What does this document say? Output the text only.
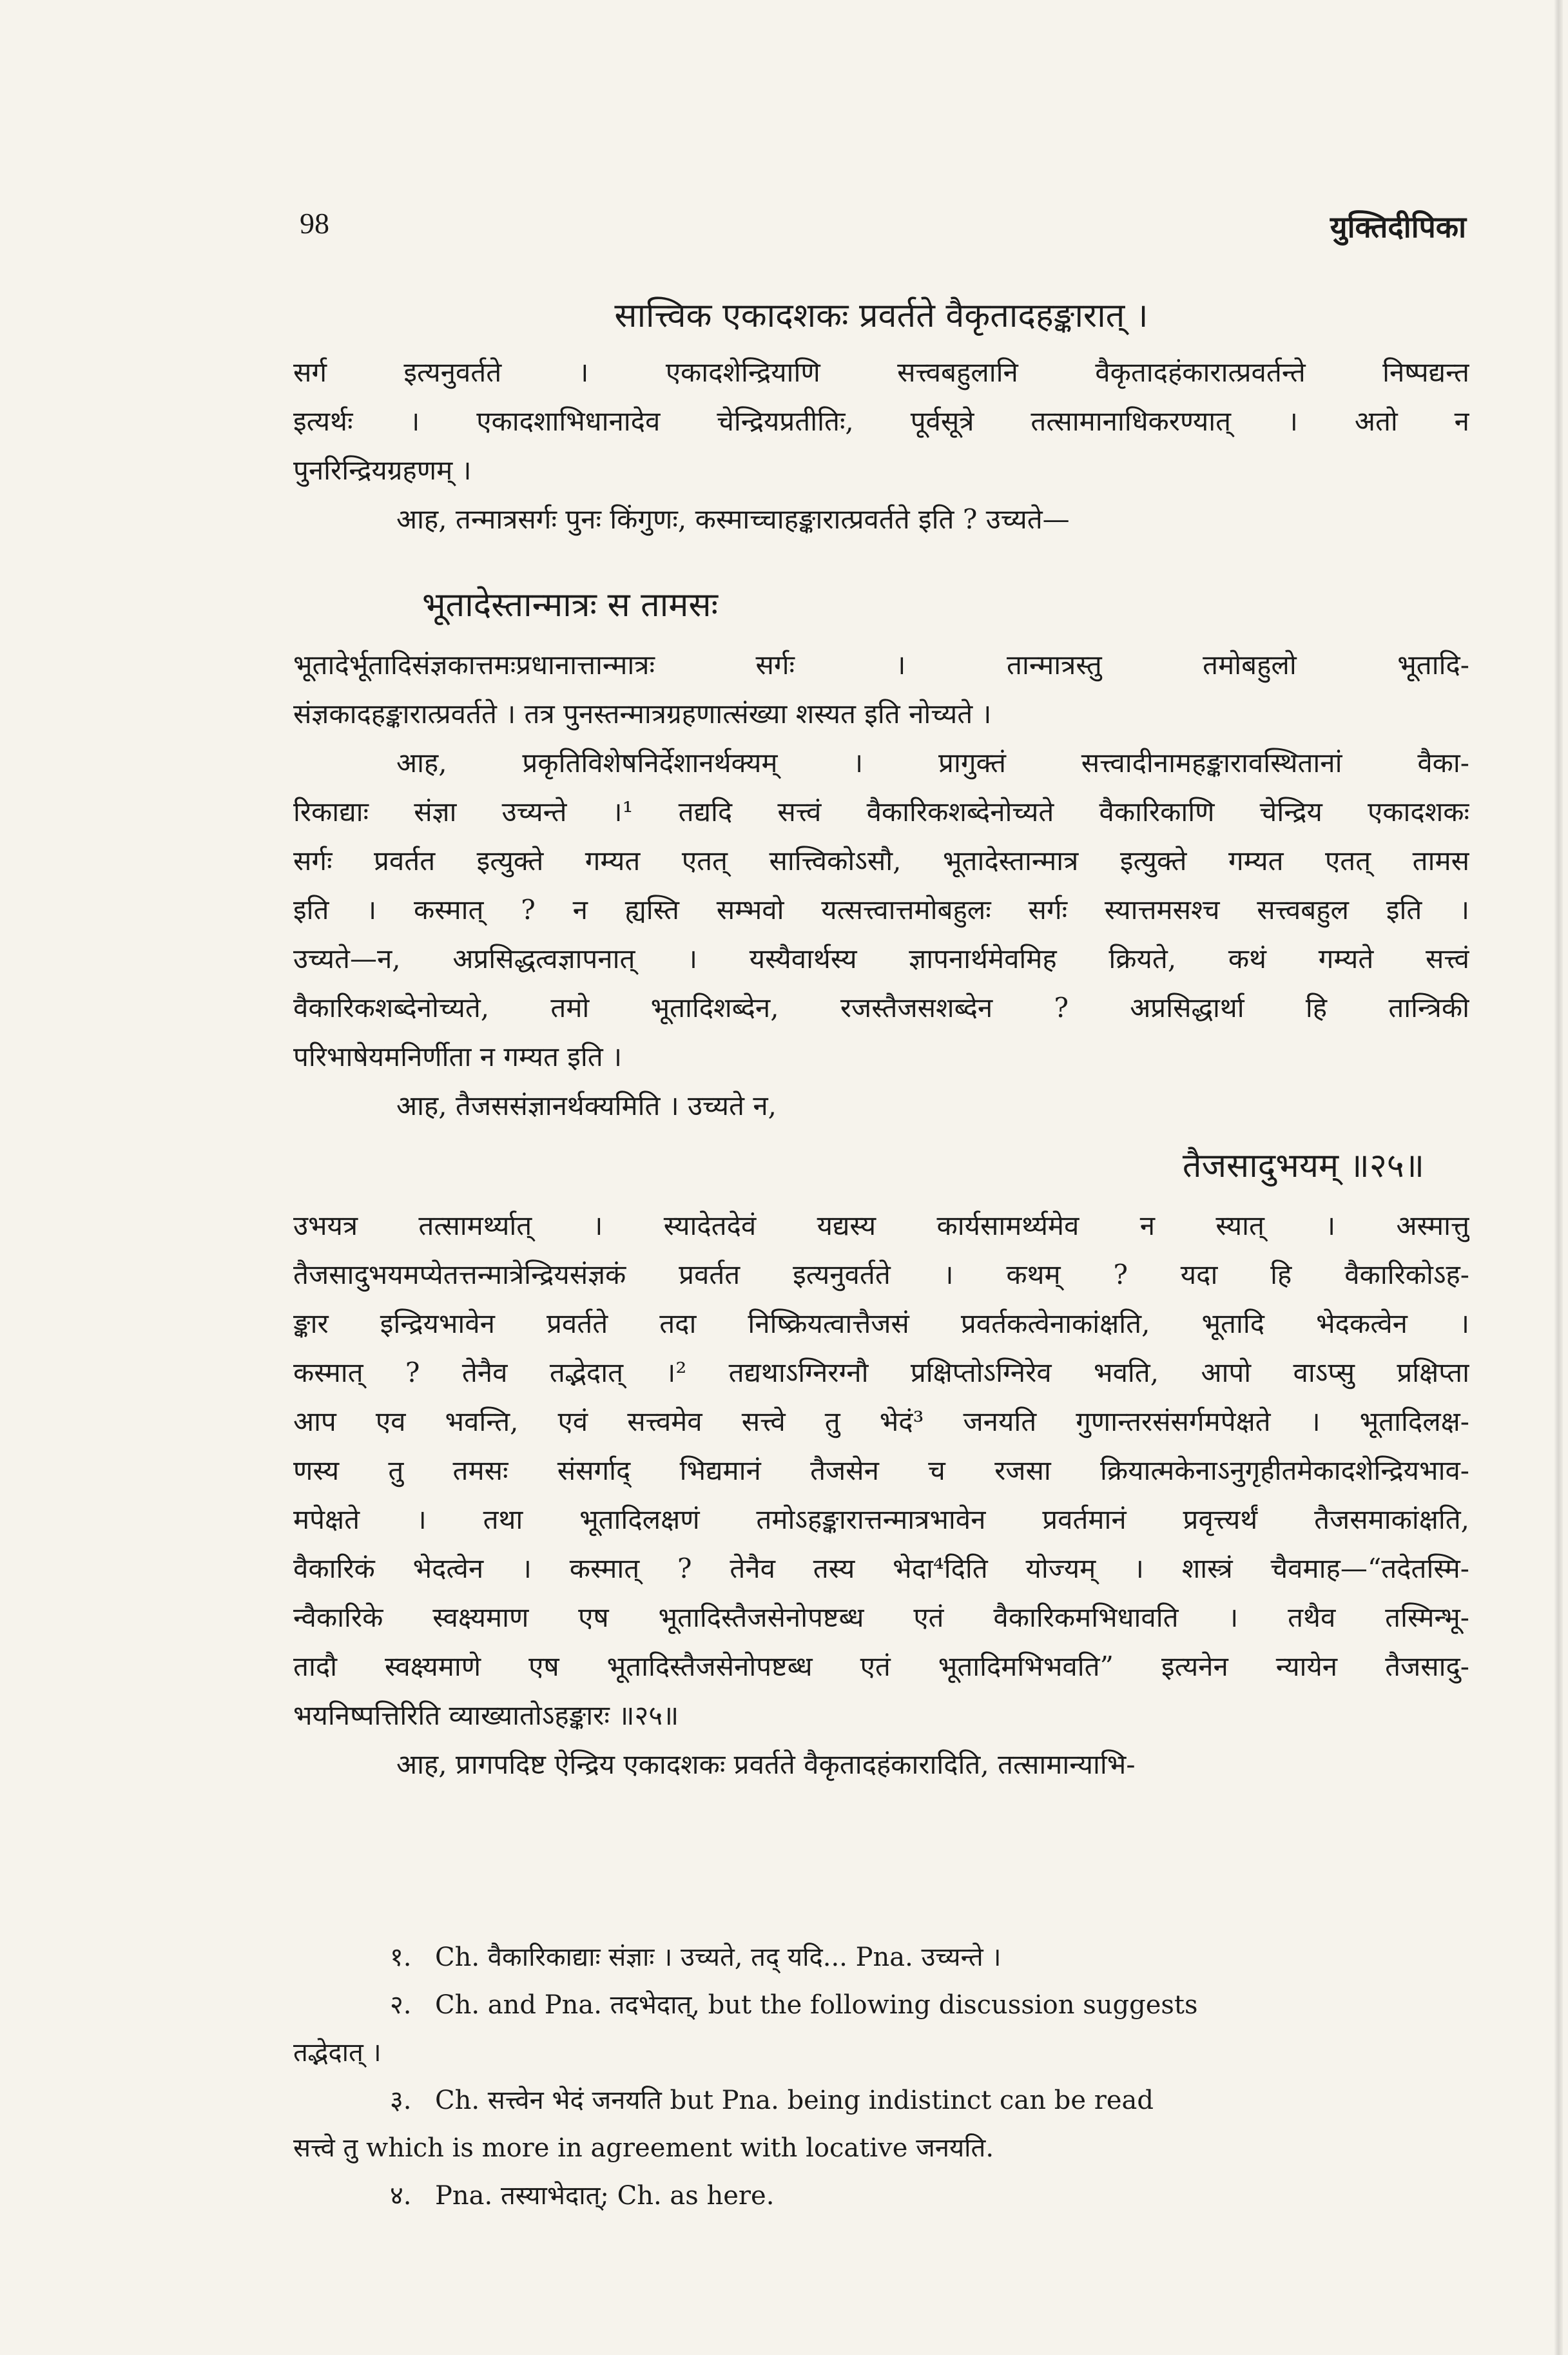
98	युक्तिदीपिका
सात्त्विक एकादशकः प्रवर्तते वैकृतादहङ्कारात् ।
सर्ग इत्यनुवर्तते । एकादशेन्द्रियाणि सत्त्वबहुलानि वैकृतादहंकारात्प्रवर्तन्ते निष्पद्यन्त
इत्यर्थः । एकादशाभिधानादेव चेन्द्रियप्रतीतिः, पूर्वसूत्रे तत्सामानाधिकरण्यात् । अतो न
पुनरिन्द्रियग्रहणम् ।
आह, तन्मात्रसर्गः पुनः किंगुणः, कस्माच्चाहङ्कारात्प्रवर्तते इति ? उच्यते—
भूतादेस्तान्मात्रः स तामसः
भूतादेर्भूतादिसंज्ञकात्तमःप्रधानात्तान्मात्रः सर्गः । तान्मात्रस्तु तमोबहुलो भूतादि-
संज्ञकादहङ्कारात्प्रवर्तते । तत्र पुनस्तन्मात्रग्रहणात्संख्या शस्यत इति नोच्यते ।
आह, प्रकृतिविशेषनिर्देशानर्थक्यम् । प्रागुक्तं सत्त्वादीनामहङ्कारावस्थितानां वैका-
रिकाद्याः संज्ञा उच्यन्ते ।¹ तद्यदि सत्त्वं वैकारिकशब्देनोच्यते वैकारिकाणि चेन्द्रिय एकादशकः
सर्गः प्रवर्तत इत्युक्ते गम्यत एतत् सात्त्विकोऽसौ, भूतादेस्तान्मात्र इत्युक्ते गम्यत एतत् तामस
इति । कस्मात् ? न ह्यस्ति सम्भवो यत्सत्त्वात्तमोबहुलः सर्गः स्यात्तमसश्च सत्त्वबहुल इति ।
उच्यते—न, अप्रसिद्धत्वज्ञापनात् । यस्यैवार्थस्य ज्ञापनार्थमेवमिह क्रियते, कथं गम्यते सत्त्वं
वैकारिकशब्देनोच्यते, तमो भूतादिशब्देन, रजस्तैजसशब्देन ? अप्रसिद्धार्था हि तान्त्रिकी
परिभाषेयमनिर्णीता न गम्यत इति ।
आह, तैजससंज्ञानर्थक्यमिति । उच्यते न,
तैजसादुभयम् ॥२५॥
उभयत्र तत्सामर्थ्यात् । स्यादेतदेवं यद्यस्य कार्यसामर्थ्यमेव न स्यात् । अस्मात्तु
तैजसादुभयमप्येतत्तन्मात्रेन्द्रियसंज्ञकं प्रवर्तत इत्यनुवर्तते । कथम् ? यदा हि वैकारिकोऽह-
ङ्कार इन्द्रियभावेन प्रवर्तते तदा निष्क्रियत्वात्तैजसं प्रवर्तकत्वेनाकांक्षति, भूतादि भेदकत्वेन ।
कस्मात् ? तेनैव तद्भेदात् ।² तद्यथाऽग्निरग्नौ प्रक्षिप्तोऽग्निरेव भवति, आपो वाऽप्सु प्रक्षिप्ता
आप एव भवन्ति, एवं सत्त्वमेव सत्त्वे तु भेदं³ जनयति गुणान्तरसंसर्गमपेक्षते । भूतादिलक्ष-
णस्य तु तमसः संसर्गाद् भिद्यमानं तैजसेन च रजसा क्रियात्मकेनाऽनुगृहीतमेकादशेन्द्रियभाव-
मपेक्षते । तथा भूतादिलक्षणं तमोऽहङ्कारात्तन्मात्रभावेन प्रवर्तमानं प्रवृत्त्यर्थं तैजसमाकांक्षति,
वैकारिकं भेदत्वेन । कस्मात् ? तेनैव तस्य भेदा⁴दिति योज्यम् । शास्त्रं चैवमाह—“तदेतस्मि-
न्वैकारिके स्वक्ष्यमाण एष भूतादिस्तैजसेनोपष्टब्ध एतं वैकारिकमभिधावति । तथैव तस्मिन्भू-
तादौ स्वक्ष्यमाणे एष भूतादिस्तैजसेनोपष्टब्ध एतं भूतादिमभिभवति” इत्यनेन न्यायेन तैजसादु-
भयनिष्पत्तिरिति व्याख्यातोऽहङ्कारः ॥२५॥
आह, प्रागपदिष्ट ऐन्द्रिय एकादशकः प्रवर्तते वैकृतादहंकारादिति, तत्सामान्याभि-
१. Ch. वैकारिकाद्याः संज्ञाः । उच्यते, तद् यदि... Pna. उच्यन्ते ।
२. Ch. and Pna. तदभेदात्, but the following discussion suggests
तद्भेदात् ।
३. Ch. सत्त्वेन भेदं जनयति but Pna. being indistinct can be read
सत्त्वे तु which is more in agreement with locative जनयति.
४. Pna. तस्याभेदात्; Ch. as here.
